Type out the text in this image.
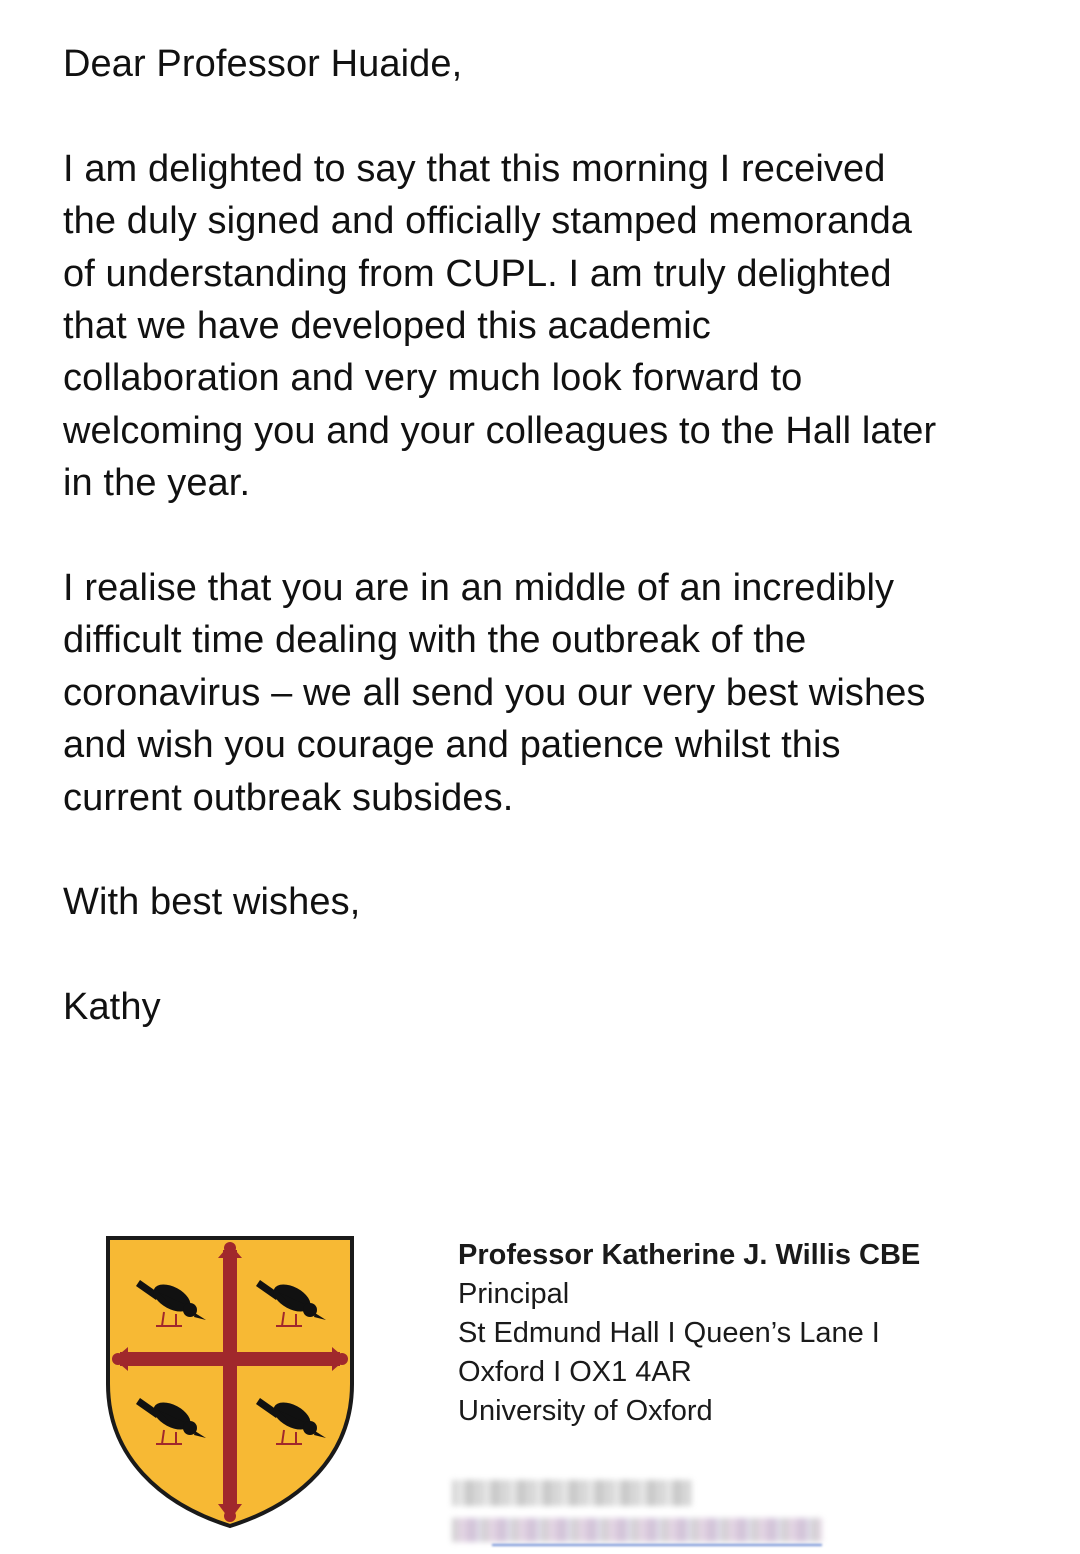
Dear Professor Huaide,

I am delighted to say that this morning I received

the duly signed and officially stamped memoranda

of understanding from CUPL. I am truly delighted

that we have developed this academic

collaboration and very much look forward to

welcoming you and your colleagues to the Hall later

in the year.

I realise that you are in an middle of an incredibly

difficult time dealing with the outbreak of the

coronavirus – we all send you our very best wishes

and wish you courage and patience whilst this

current outbreak subsides.

With best wishes,

Kathy

Professor Katherine J. Willis CBE
Principal
St Edmund Hall I Queen’s Lane I
Oxford I OX1 4AR
University of Oxford
